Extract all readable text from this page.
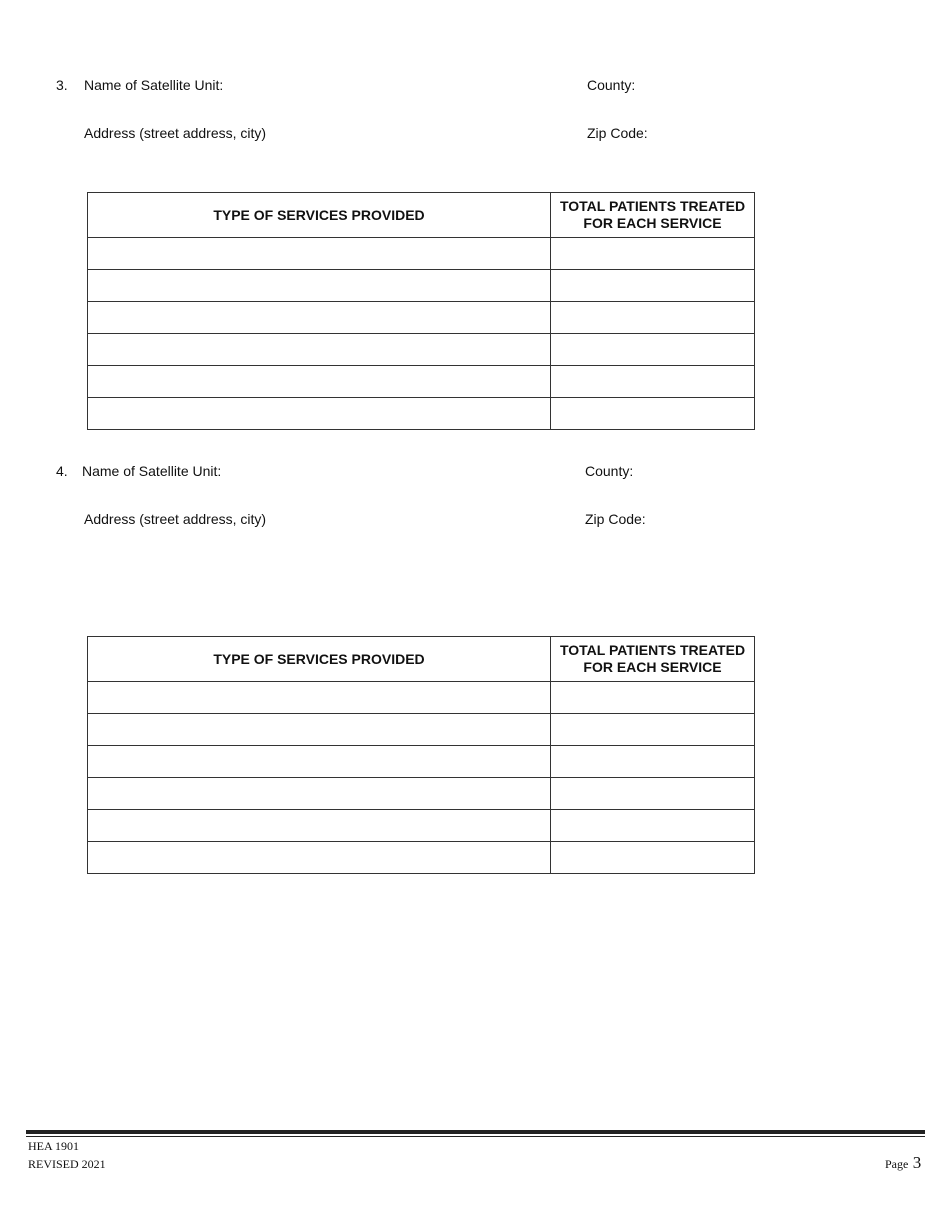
3. Name of Satellite Unit:	County:
Address (street address, city)	Zip Code:
TYPE OF SERVICES PROVIDED	TOTAL PATIENTS TREATED
FOR EACH SERVICE

4. Name of Satellite Unit:	County:
Address (street address, city)	Zip Code:
TYPE OF SERVICES PROVIDED	TOTAL PATIENTS TREATED
FOR EACH SERVICE

HEA 1901
REVISED 2021	Page 3
